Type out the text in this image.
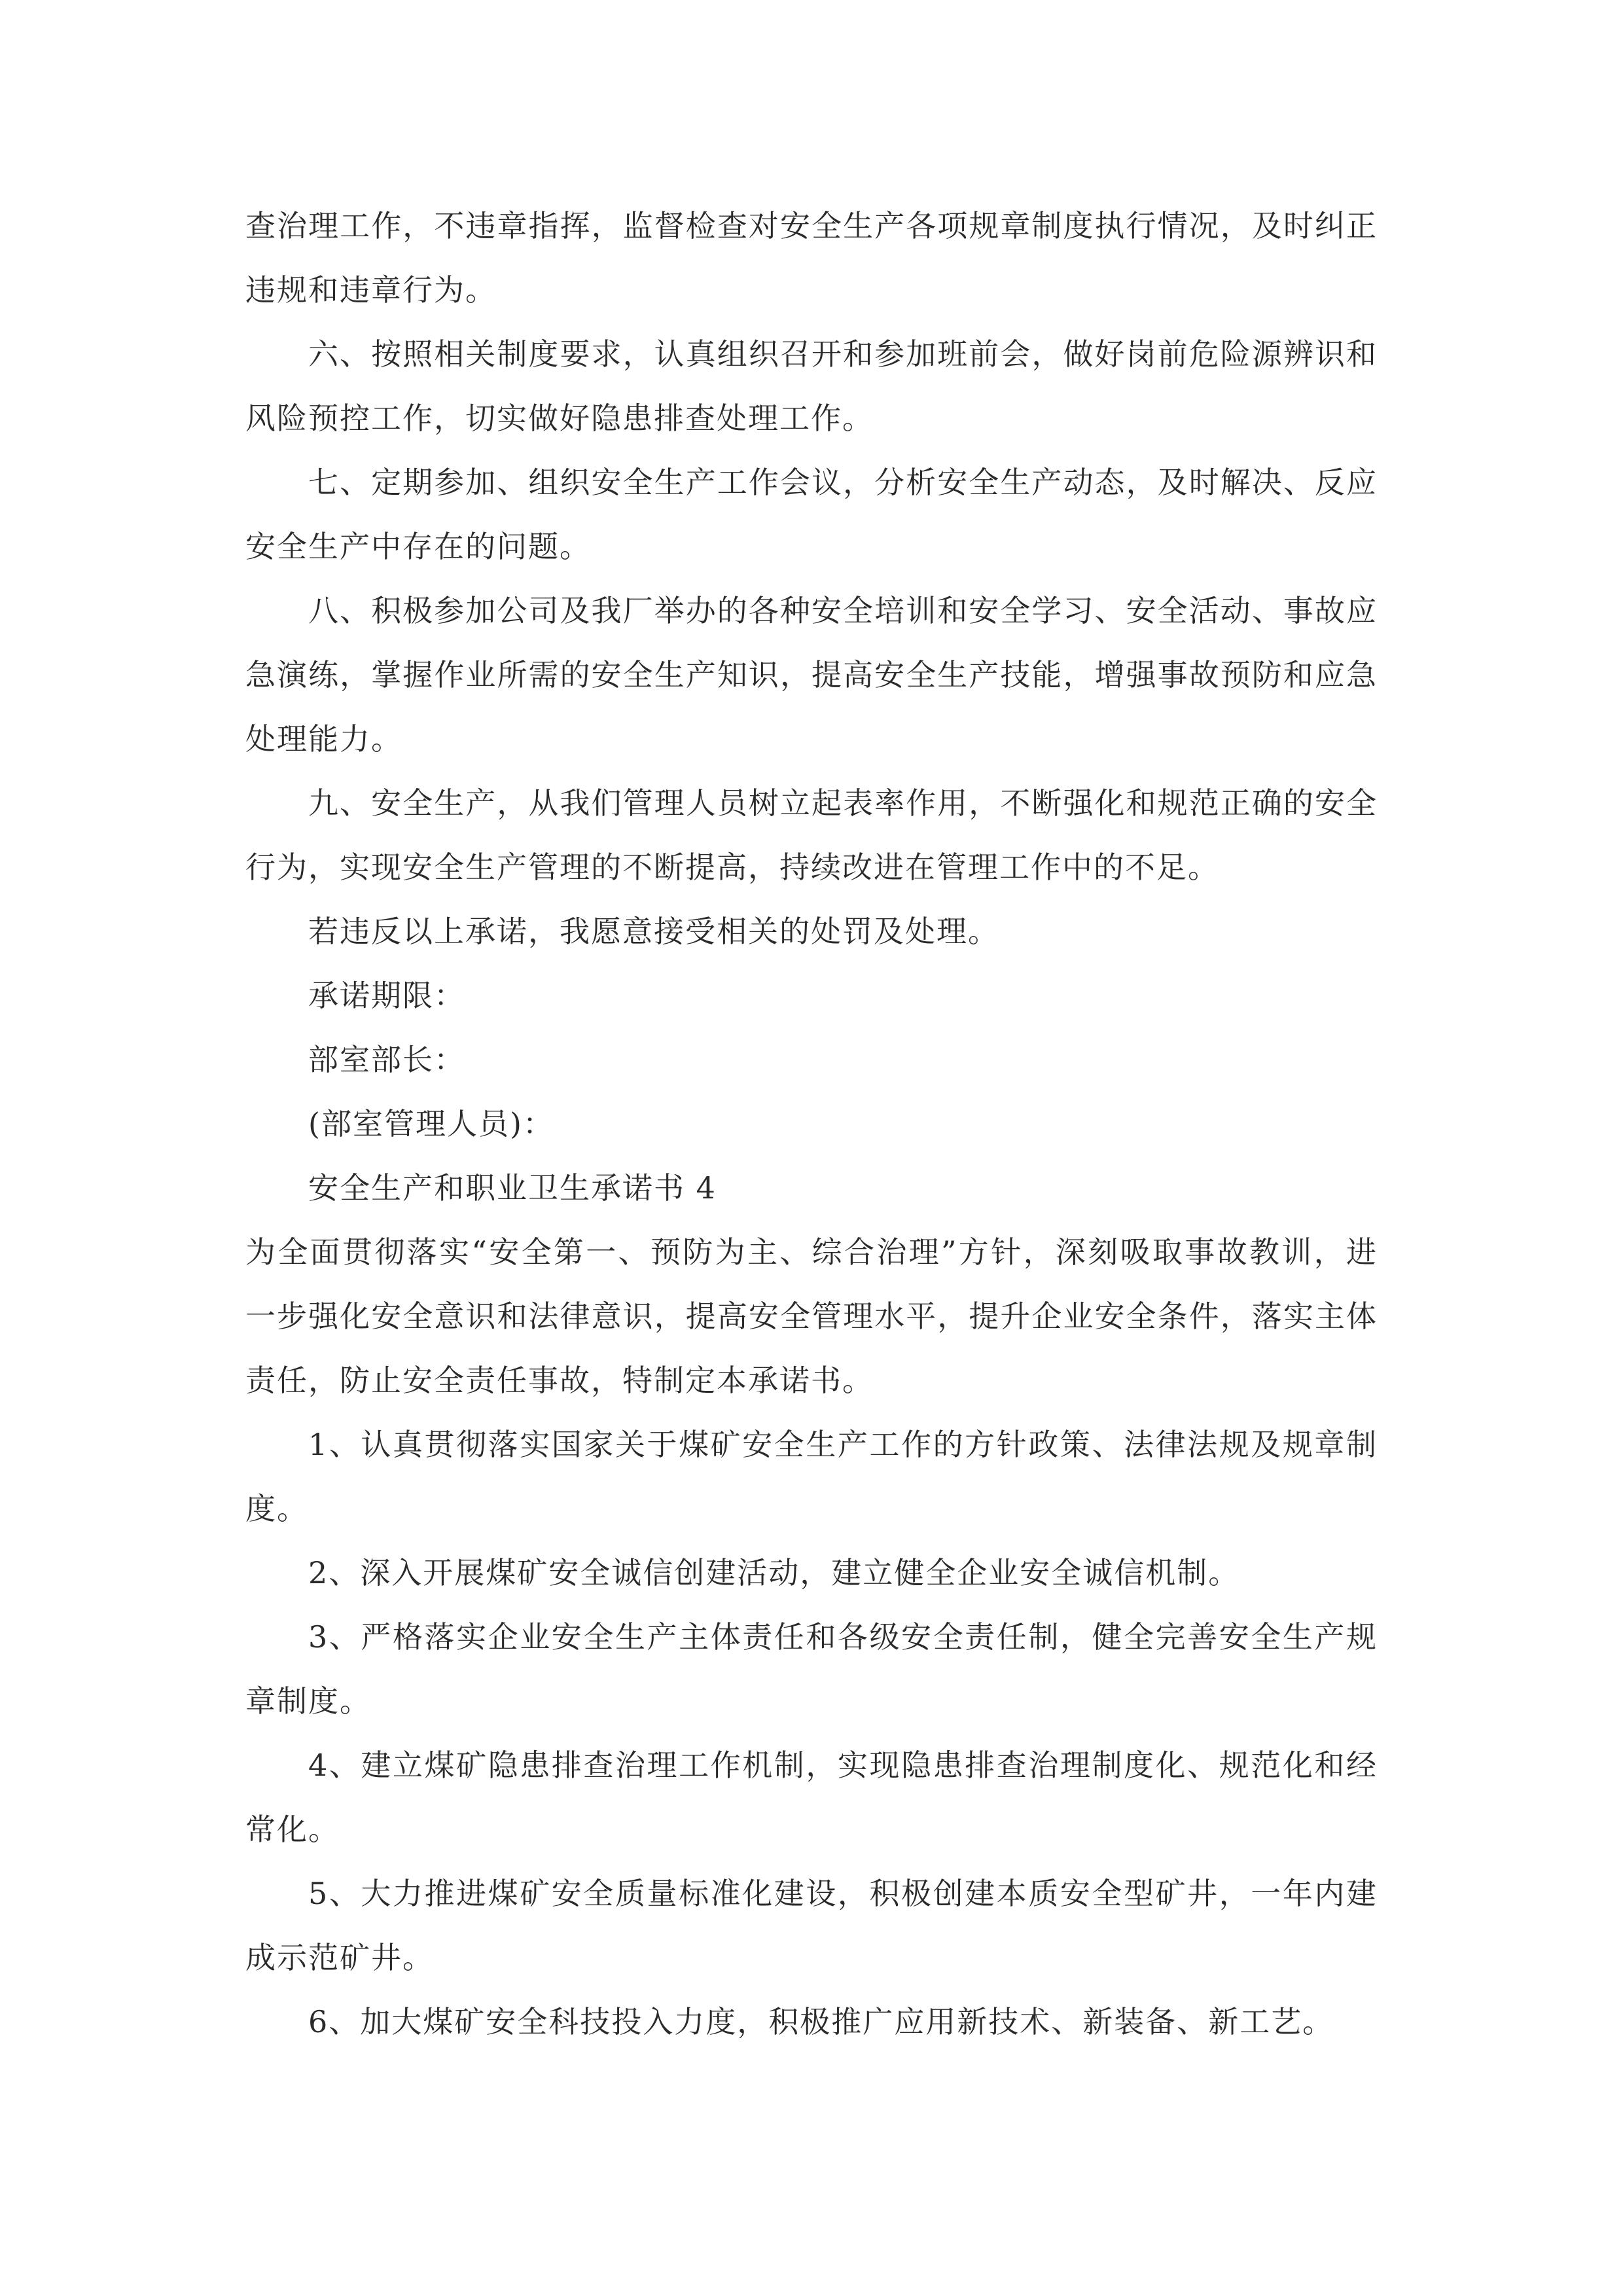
查治理工作，不违章指挥，监督检查对安全生产各项规章制度执行情况，及时纠正违规和违章行为。

六、按照相关制度要求，认真组织召开和参加班前会，做好岗前危险源辨识和风险预控工作，切实做好隐患排查处理工作。

七、定期参加、组织安全生产工作会议，分析安全生产动态，及时解决、反应安全生产中存在的问题。

八、积极参加公司及我厂举办的各种安全培训和安全学习、安全活动、事故应急演练，掌握作业所需的安全生产知识，提高安全生产技能，增强事故预防和应急处理能力。

九、安全生产，从我们管理人员树立起表率作用，不断强化和规范正确的安全行为，实现安全生产管理的不断提高，持续改进在管理工作中的不足。

若违反以上承诺，我愿意接受相关的处罚及处理。

承诺期限：

部室部长：

(部室管理人员)：

安全生产和职业卫生承诺书 4

为全面贯彻落实“安全第一、预防为主、综合治理”方针，深刻吸取事故教训，进一步强化安全意识和法律意识，提高安全管理水平，提升企业安全条件，落实主体责任，防止安全责任事故，特制定本承诺书。

1、认真贯彻落实国家关于煤矿安全生产工作的方针政策、法律法规及规章制度。

2、深入开展煤矿安全诚信创建活动，建立健全企业安全诚信机制。

3、严格落实企业安全生产主体责任和各级安全责任制，健全完善安全生产规章制度。

4、建立煤矿隐患排查治理工作机制，实现隐患排查治理制度化、规范化和经常化。

5、大力推进煤矿安全质量标准化建设，积极创建本质安全型矿井，一年内建成示范矿井。

6、加大煤矿安全科技投入力度，积极推广应用新技术、新装备、新工艺。
